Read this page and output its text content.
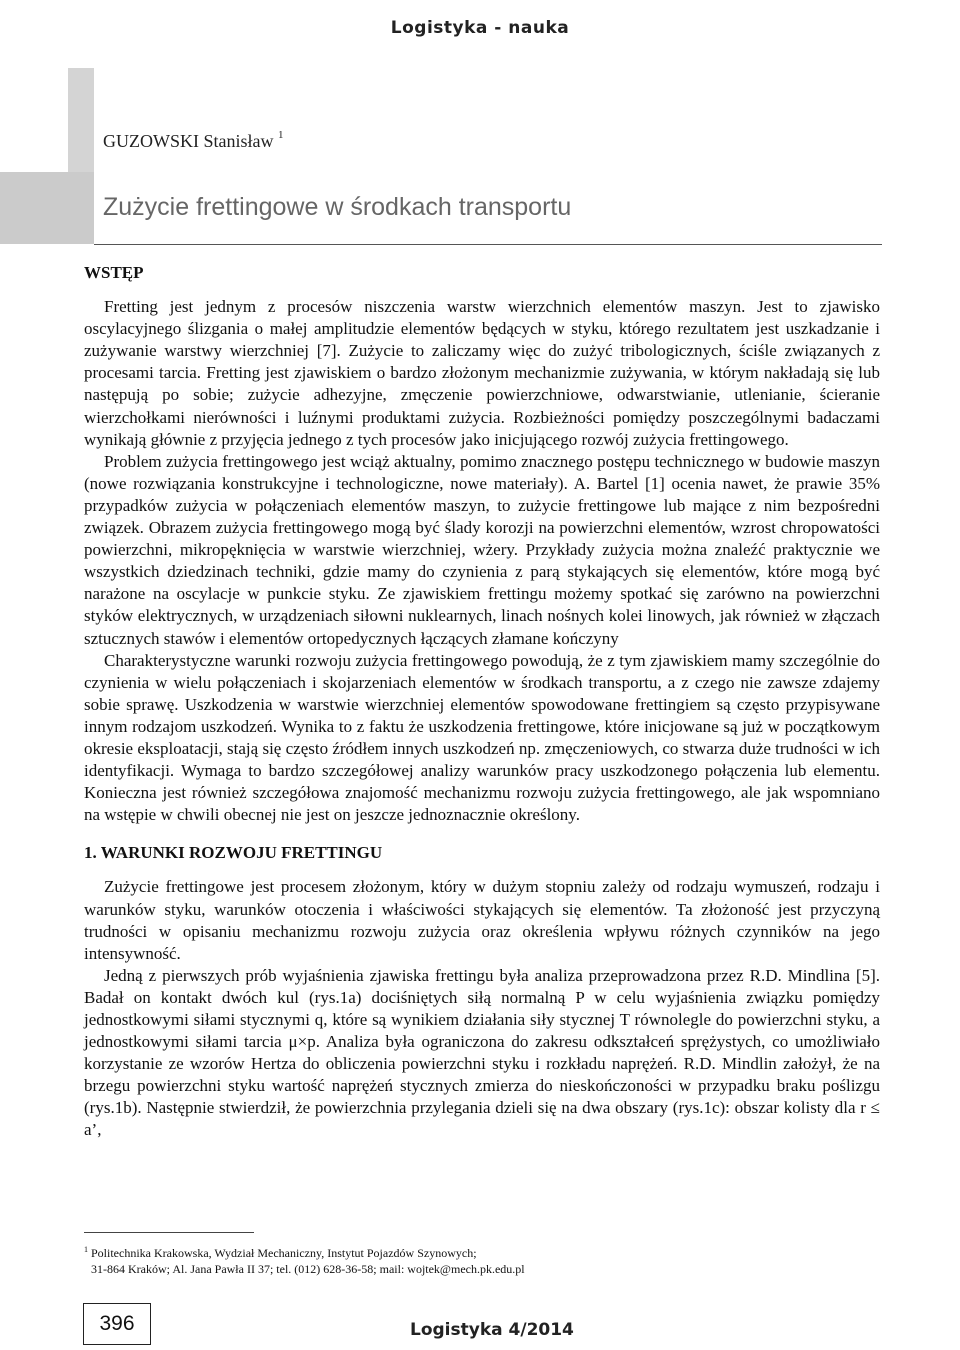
Logistyka - nauka
GUZOWSKI Stanisław $^1$
Zużycie frettingowe w środkach transportu
WSTĘP

Fretting jest jednym z procesów niszczenia warstw wierzchnich elementów maszyn. Jest to zjawisko oscylacyjnego ślizgania o małej amplitudzie elementów będących w styku, którego rezultatem jest uszkadzanie i zużywanie warstwy wierzchniej [7]. Zużycie to zaliczamy więc do zużyć tribologicznych, ściśle związanych z procesami tarcia. Fretting jest zjawiskiem o bardzo złożonym mechanizmie zużywania, w którym nakładają się lub następują po sobie; zużycie adhezyjne, zmęczenie powierzchniowe, odwarstwianie, utlenianie, ścieranie wierzchołkami nierówności i luźnymi produktami zużycia. Rozbieżności pomiędzy poszczególnymi badaczami wynikają głównie z przyjęcia jednego z tych procesów jako inicjującego rozwój zużycia frettingowego.

Problem zużycia frettingowego jest wciąż aktualny, pomimo znacznego postępu technicznego w budowie maszyn (nowe rozwiązania konstrukcyjne i technologiczne, nowe materiały). A. Bartel [1] ocenia nawet, że prawie 35% przypadków zużycia w połączeniach elementów maszyn, to zużycie frettingowe lub mające z nim bezpośredni związek. Obrazem zużycia frettingowego mogą być ślady korozji na powierzchni elementów, wzrost chropowatości powierzchni, mikropęknięcia w warstwie wierzchniej, wżery. Przykłady zużycia można znaleźć praktycznie we wszystkich dziedzinach techniki, gdzie mamy do czynienia z parą stykających się elementów, które mogą być narażone na oscylacje w punkcie styku. Ze zjawiskiem frettingu możemy spotkać się zarówno na powierzchni styków elektrycznych, w urządzeniach siłowni nuklearnych, linach nośnych kolei linowych, jak również w złączach sztucznych stawów i elementów ortopedycznych łączących złamane kończyny

Charakterystyczne warunki rozwoju zużycia frettingowego powodują, że z tym zjawiskiem mamy szczególnie do czynienia w wielu połączeniach i skojarzeniach elementów w środkach transportu, a z czego nie zawsze zdajemy sobie sprawę. Uszkodzenia w warstwie wierzchniej elementów spowodowane frettingiem są często przypisywane innym rodzajom uszkodzeń. Wynika to z faktu że uszkodzenia frettingowe, które inicjowane są już w początkowym okresie eksploatacji, stają się często źródłem innych uszkodzeń np. zmęczeniowych, co stwarza duże trudności w ich identyfikacji. Wymaga to bardzo szczegółowej analizy warunków pracy uszkodzonego połączenia lub elementu. Konieczna jest również szczegółowa znajomość mechanizmu rozwoju zużycia frettingowego, ale jak wspomniano na wstępie w chwili obecnej nie jest on jeszcze jednoznacznie określony.

1. WARUNKI ROZWOJU FRETTINGU

Zużycie frettingowe jest procesem złożonym, który w dużym stopniu zależy od rodzaju wymuszeń, rodzaju i warunków styku, warunków otoczenia i właściwości stykających się elementów. Ta złożoność jest przyczyną trudności w opisaniu mechanizmu rozwoju zużycia oraz określenia wpływu różnych czynników na jego intensywność.

Jedną z pierwszych prób wyjaśnienia zjawiska frettingu była analiza przeprowadzona przez R.D. Mindlina [5]. Badał on kontakt dwóch kul (rys.1a) dociśniętych siłą normalną P w celu wyjaśnienia związku pomiędzy jednostkowymi siłami stycznymi q, które są wynikiem działania siły stycznej T równolegle do powierzchni styku, a jednostkowymi siłami tarcia μ×p. Analiza była ograniczona do zakresu odkształceń sprężystych, co umożliwiało korzystanie ze wzorów Hertza do obliczenia powierzchni styku i rozkładu naprężeń. R.D. Mindlin założył, że na brzegu powierzchni styku wartość naprężeń stycznych zmierza do nieskończoności w przypadku braku poślizgu (rys.1b). Następnie stwierdził, że powierzchnia przylegania dzieli się na dwa obszary (rys.1c): obszar kolisty dla r ≤ a’,

$^1$ Politechnika Krakowska, Wydział Mechaniczny, Instytut Pojazdów Szynowych;
31-864 Kraków; Al. Jana Pawła II 37; tel. (012) 628-36-58; mail: wojtek@mech.pk.edu.pl
396	Logistyka 4/2014
